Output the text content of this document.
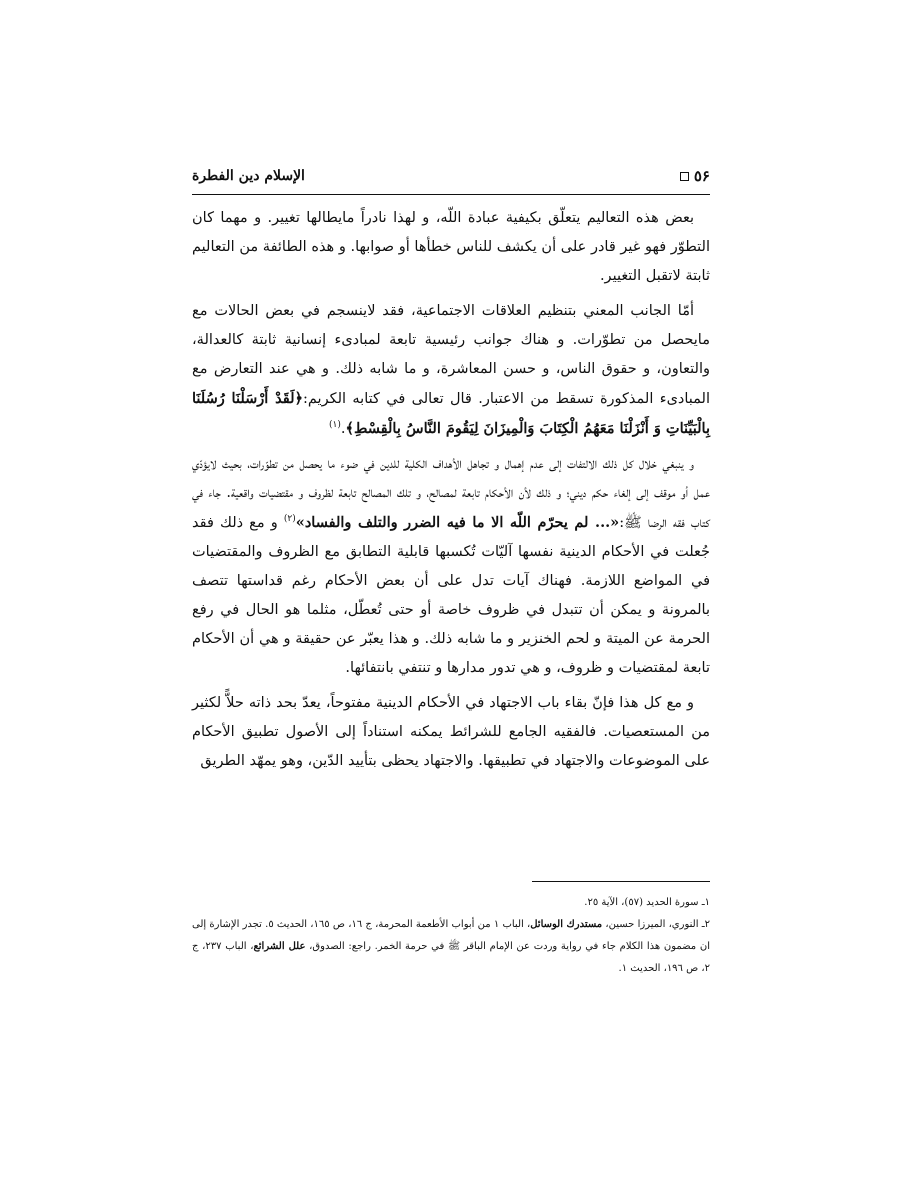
٥۶
الإسلام دين الفطرة

بعض هذه التعاليم يتعلّق بكيفية عبادة اللّه، و لهذا نادراً مايطالها تغيير. و مهما كان التطوّر فهو غير قادر على أن يكشف للناس خطأها أو صوابها. و هذه الطائفة من التعاليم ثابتة لاتقبل التغيير.

أمّا الجانب المعني بتنظيم العلاقات الاجتماعية، فقد لاينسجم في بعض الحالات مع مايحصل من تطوّرات. و هناك جوانب رئيسية تابعة لمبادىء إنسانية ثابتة كالعدالة، والتعاون، و حقوق الناس، و حسن المعاشرة، و ما شابه ذلك. و هي عند التعارض مع المبادىء المذكورة تسقط من الاعتبار. قال تعالى في كتابه الكريم:﴿لَقَدْ أَرْسَلْنَا رُسُلَنَا بِالْبَيِّنَاتِ وَ أَنْزَلْنَا مَعَهُمُ الْكِتَابَ وَالْمِيزَانَ لِيَقُومَ النَّاسُ بِالْقِسْطِ﴾.$^{(١)}$

و ينبغي خلال كل ذلك الالتفات إلى عدم إهمال و تجاهل الأهداف الكلية للدين في ضوء ما يحصل من تطوّرات، بحيث لايؤدّي عمل أو موقف إلى إلغاء حكم ديني؛ و ذلك لأن الأحكام تابعة لمصالح، و تلك المصالح تابعة لظروف و مقتضيات واقعية. جاء في كتاب فقه الرضا ﷺ:«... لم يحرّم اللّه الا ما فيه الضرر والتلف والفساد»$^{(٢)}$ و مع ذلك فقد جُعلت في الأحكام الدينية نفسها آليّات تُكسبها قابلية التطابق مع الظروف والمقتضيات في المواضع اللازمة. فهناك آيات تدل على أن بعض الأحكام رغم قداستها تتصف بالمرونة و يمكن أن تتبدل في ظروف خاصة أو حتى تُعطّل، مثلما هو الحال في رفع الحرمة عن الميتة و لحم الخنزير و ما شابه ذلك. و هذا يعبّر عن حقيقة و هي أن الأحكام تابعة لمقتضيات و ظروف، و هي تدور مدارها و تنتفي بانتفائها.

و مع كل هذا فإنّ بقاء باب الاجتهاد في الأحكام الدينية مفتوحاً، يعدّ بحد ذاته حلاًّ لكثير من المستعصيات. فالفقيه الجامع للشرائط يمكنه استناداً إلى الأصول تطبيق الأحكام على الموضوعات والاجتهاد في تطبيقها. والاجتهاد يحظى بتأييد الدّين، وهو يمهّد الطريق

١ـ سورة الحديد (٥٧)، الآية ٢٥.

٢ـ النوري، الميرزا حسين، مستدرك الوسائل، الباب ١ من أبواب الأطعمة المحرمة، ج ١٦، ص ١٦٥، الحديث ٥. تجدر الإشارة إلى ان مضمون هذا الكلام جاء في رواية وردت عن الإمام الباقر ﷺ في حرمة الخمر. راجع: الصدوق، علل الشرائع، الباب ٢٣٧، ج ٢، ص ١٩٦، الحديث ١.
